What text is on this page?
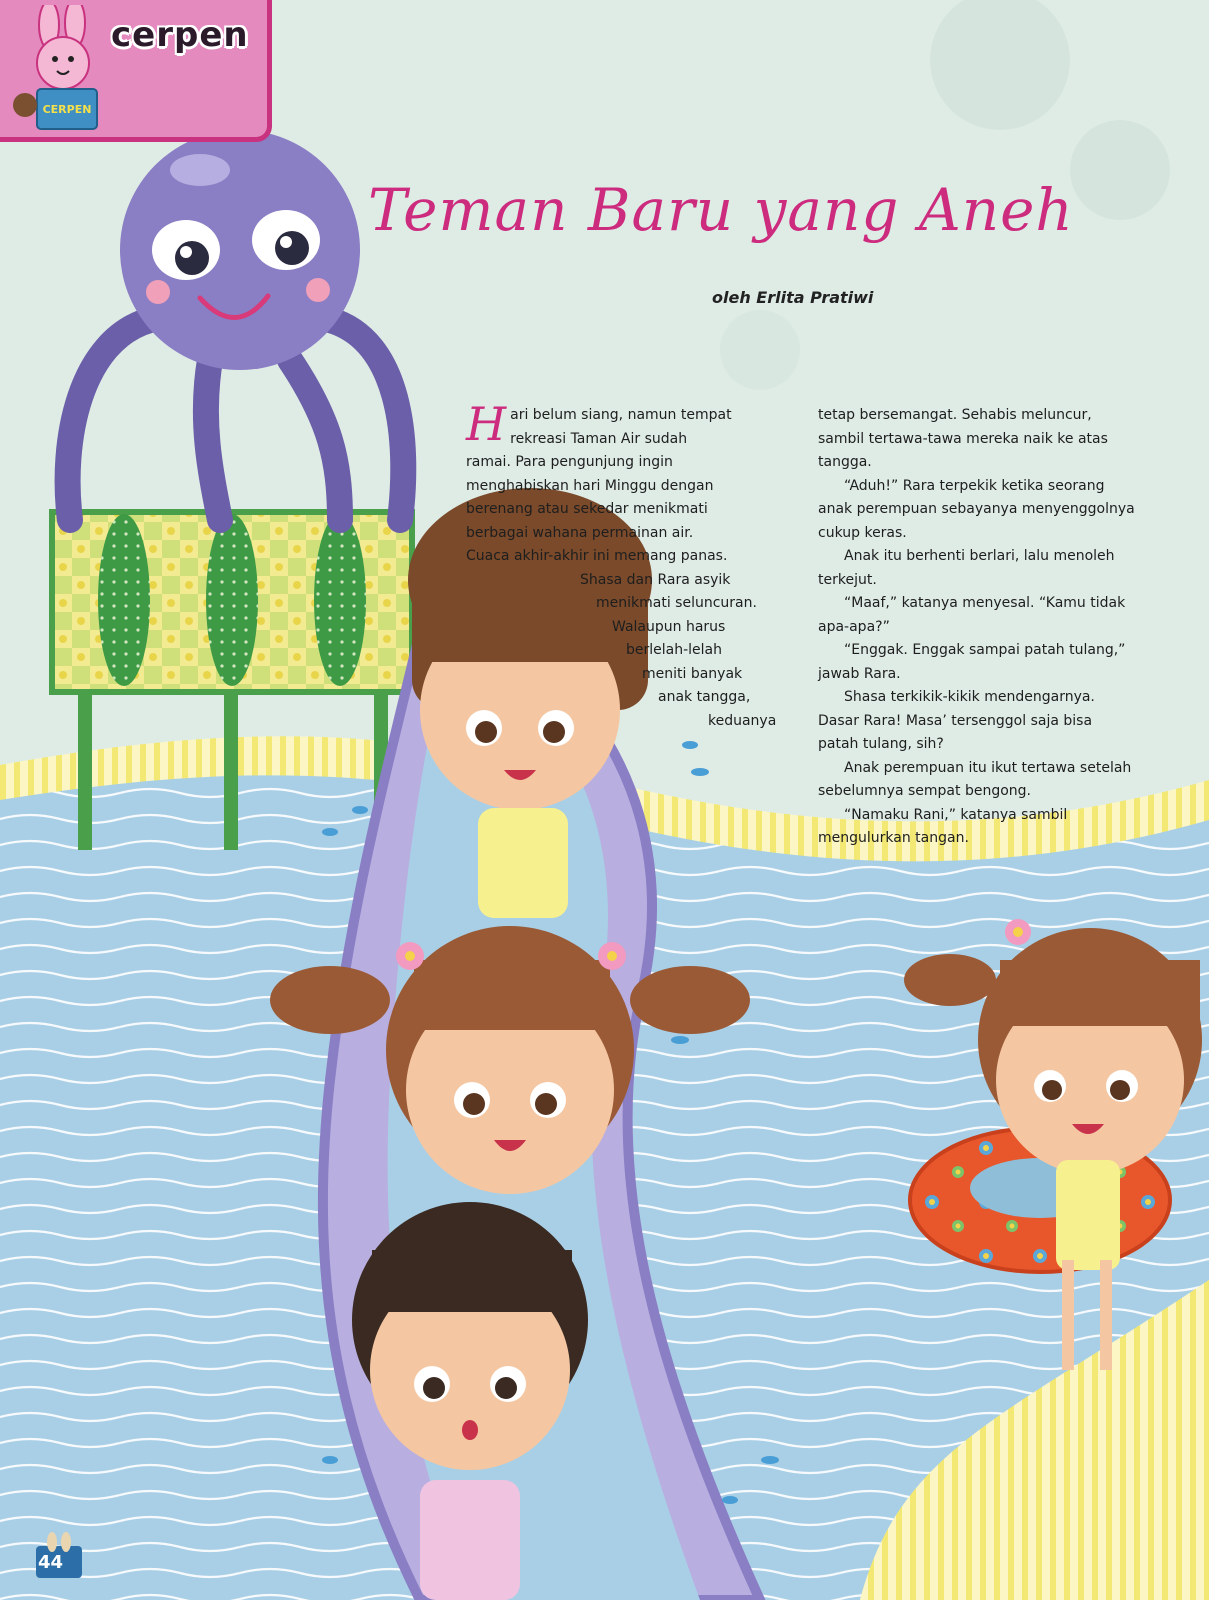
CERPEN
cerpen
Teman Baru yang Aneh
oleh Erlita Pratiwi
H ari belum siang, namun tempat
rekreasi Taman Air sudah
ramai. Para pengunjung ingin
menghabiskan hari Minggu dengan
berenang atau sekedar menikmati
berbagai wahana permainan air.
Cuaca akhir-akhir ini memang panas.
Shasa dan Rara asyik
menikmati seluncuran.
Walaupun harus
berlelah-lelah
meniti banyak
anak tangga,
keduanya

tetap bersemangat. Sehabis meluncur, sambil tertawa-tawa mereka naik ke atas tangga.

“Aduh!” Rara terpekik ketika seorang anak perempuan sebayanya menyenggolnya cukup keras.

Anak itu berhenti berlari, lalu menoleh terkejut.

“Maaf,” katanya menyesal. “Kamu tidak apa-apa?”

“Enggak. Enggak sampai patah tulang,” jawab Rara.

Shasa terkikik-kikik mendengarnya. Dasar Rara! Masa’ tersenggol saja bisa patah tulang, sih?

Anak perempuan itu ikut tertawa setelah sebelumnya sempat bengong.

“Namaku Rani,” katanya sambil mengulurkan tangan.

44
